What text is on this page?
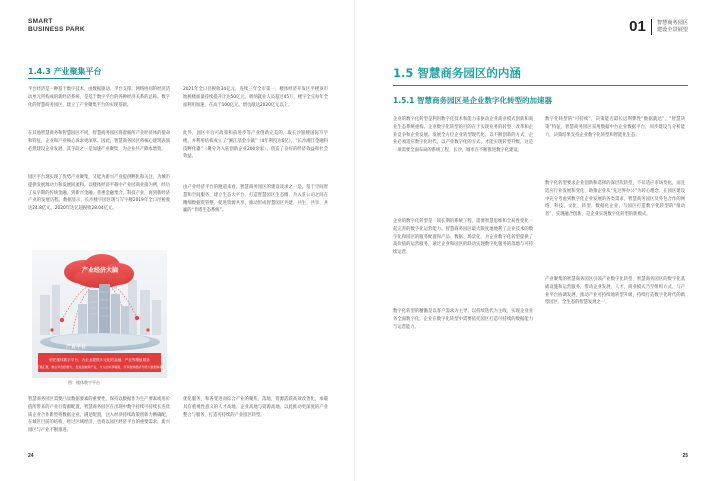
SMART
BUSINESS PARK
1.4.3 产业聚集平台

平台经济是一种基于数字技术，由数据驱动、平台支撑，网络协同的经济活动单元所构成的新经济系统，是基于数字平台的各种经济关系的总称。数字化的智慧商务园区，建立了产业聚集平台的实现基础。

在其他智慧商务和智慧园区不同，智慧商务园区将着眼所产业经济体的使命和特征，企业和产业核心诉求更深厚。因此，智慧商务园区将核心建筑表演必然建设企业发展，其手段之一是加速产业聚集，为企业共产降本增效。

园区平台现实现了优势产业聚集，又能为新兴产业提供孵化和关注，为城市提供发展源动力和发展回流和。以楼体经济平载中产业园商业接为例，经历了从早期的传统金融、到新兴金融、普惠金融集合，科技产业，再到新经济产业的发展历程。数据显示，长沙楼宇园区现与写字楼2019年全口径税收达24.8亿元，2020年达亿超税收28.04亿元。

2021年全口径税收34亿元，连续三年全市第一，楼体经济开发区平楼顶市地税楼面量持续提升计达50亿元，吸纳就业人员超过45万，楼字全完每年全面利用加速，在高于100亿元。增贡献达2020亿元以上。

此外，园区平台可政策和前进步等产业创新完美的，取长沙银楼国际写字楼，并利用结构成立了“湘江基金小镇”（4年利投达6亿），“长沙湘江金融科技孵化器”（聚分为入驻创新企业200余家），创造了良好的经济效益和社会效益。

由产业经济平台的跑道来看，智慧商务园区的建设谈求之一是，基于空间智慧和空间服务，建立生态大平台，打造智慧园区生态圈，为入驻公司之间在精细数据资管整、促进资源共享，推动形成智慧园区共建、共生、共享、共赢的“肯塔生态系统”。

产业经济大脑
产业平台
依托楼体数字平台，为企业提供多元化的金融、产业等增值服务
打通汇聚，融合共创的智力，促进金融和产业，与人的共享辐射，打造楼体经济升级大数据体系
图：楼体数字平台

智慧商务园区需要凸显数据要素的重要性，保持以数据作为生产要素或用价值所带来的产业行资源配置，智慧商务园区在出现中数字持续可持续长连优质企业合作新型将数据企业，满足配置，注入经济持续政策创新力精确配，在城区目前的结构，经过区域经济，也将以园区经济平台的重要需求，新兴园区与产业不断推进。

优化服务，和各变进而综合产业的聚焦、落地，资源活跃高效改善化，承载具有重视性意义的人才高地，企业高地与资源高地，以此推动更深度的产业整合与服务，打造可持续的产业园区转型。

24
01 智慧商务园区
建设全景展望
1.5 智慧商务园区的内涵
1.5.1 智慧商务园区是企业数字化转型的加速器

企业的数字化转型是利用数字化技术和能力来驱动企业商业模式创新和商业生态系统重构。企业数字化转型的目的在于实现业务的转型、改革和企业竞争和企业发展。发展全方位企业转型现代化，以不断创新的方式，企业必须适应数字化时代，以产业数字化的方式，才能实现转型升级，这是一项需要全面布局的系统工程，长沙，城市在不断推进数字化建设。

企业的数字化转型是一项长期的系统工程，需要智慧思维和全局性变化一起完善的数字化运营能力。智慧商务园区最大限度地便利了企业技术的数字化和园区的服务配置和产品、数据、场景化、为企业数字化转型提供了高价值的运营服务，通过企业和园区的联动实现数字化服务的落地与可持续运营。

数字化转型的精髓是以客户需求为主导，以持续迭代为主线，实现企业业务全面数字化，企业在数字化转型中需要依托园区打造可持续的数据能力与运营能力。

数字化转型的“可持续”，决策能否最长远利弊性“数据就达”，“智慧决策”特征。智慧商务园区采用数据中台企业数据平台，同步建设与分析能力，决策结果支持企业数字化转型和智能化生态。

数字化转型要求企业创新和选择的深层次转型，不仅适应市场变化，而且适应行业发展和变化，助推企业从“先过界办公”为转心理念，在园区建设中充分考虑到数字化企业发展的各类需求，智慧商务园区及外包合作的网络、科技、文化、转型、数据化企业，与园区打造数字化转型的“推动者”，实现融合创新，是企业实现数字化转型的新模式。

产业聚集的智慧商务园区引领产业数字化转型，智慧商务园区的数字化基础设施和运营服务，带动企业发展、人才、商业模式乃至组织方式，与产业平台协调发展，推动产业可持续地转型升级，持续打造数字化时代的新型园区、全生态的智慧发展之一。

25
